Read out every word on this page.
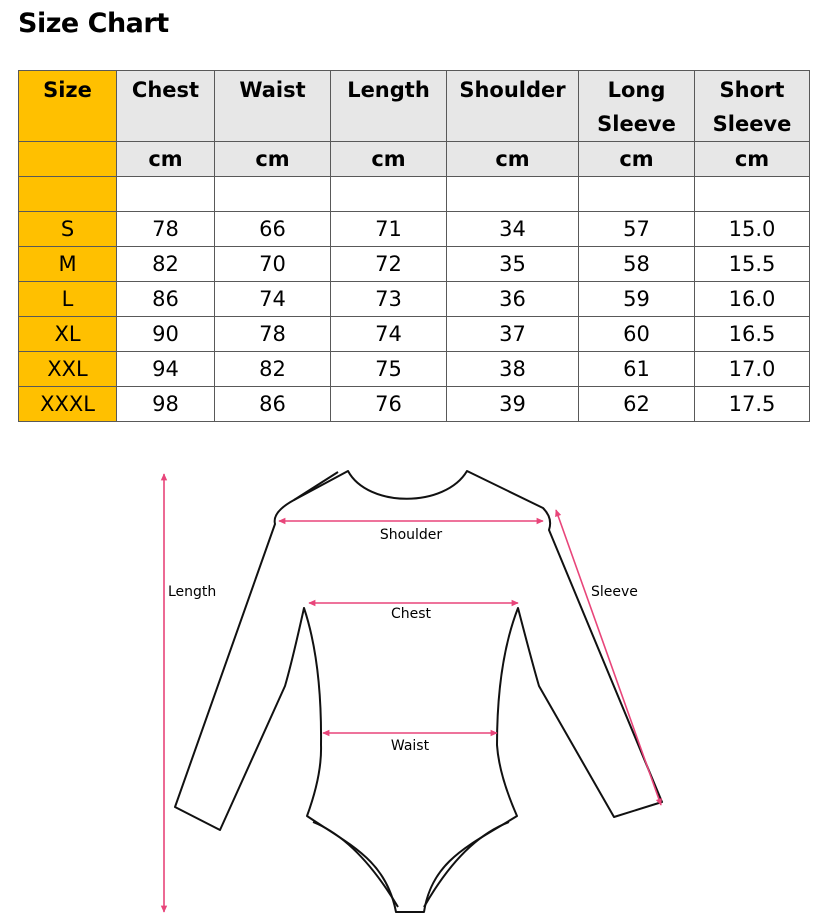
Size Chart
Size	Chest	Waist	Length	Shoulder	Long Sleeve	Short Sleeve
	cm	cm	cm	cm	cm	cm

S	78	66	71	34	57	15.0
M	82	70	72	35	58	15.5
L	86	74	73	36	59	16.0
XL	90	78	74	37	60	16.5
XXL	94	82	75	38	61	17.0
XXXL	98	86	76	39	62	17.5
Length
Shoulder
Chest
Waist
Sleeve
